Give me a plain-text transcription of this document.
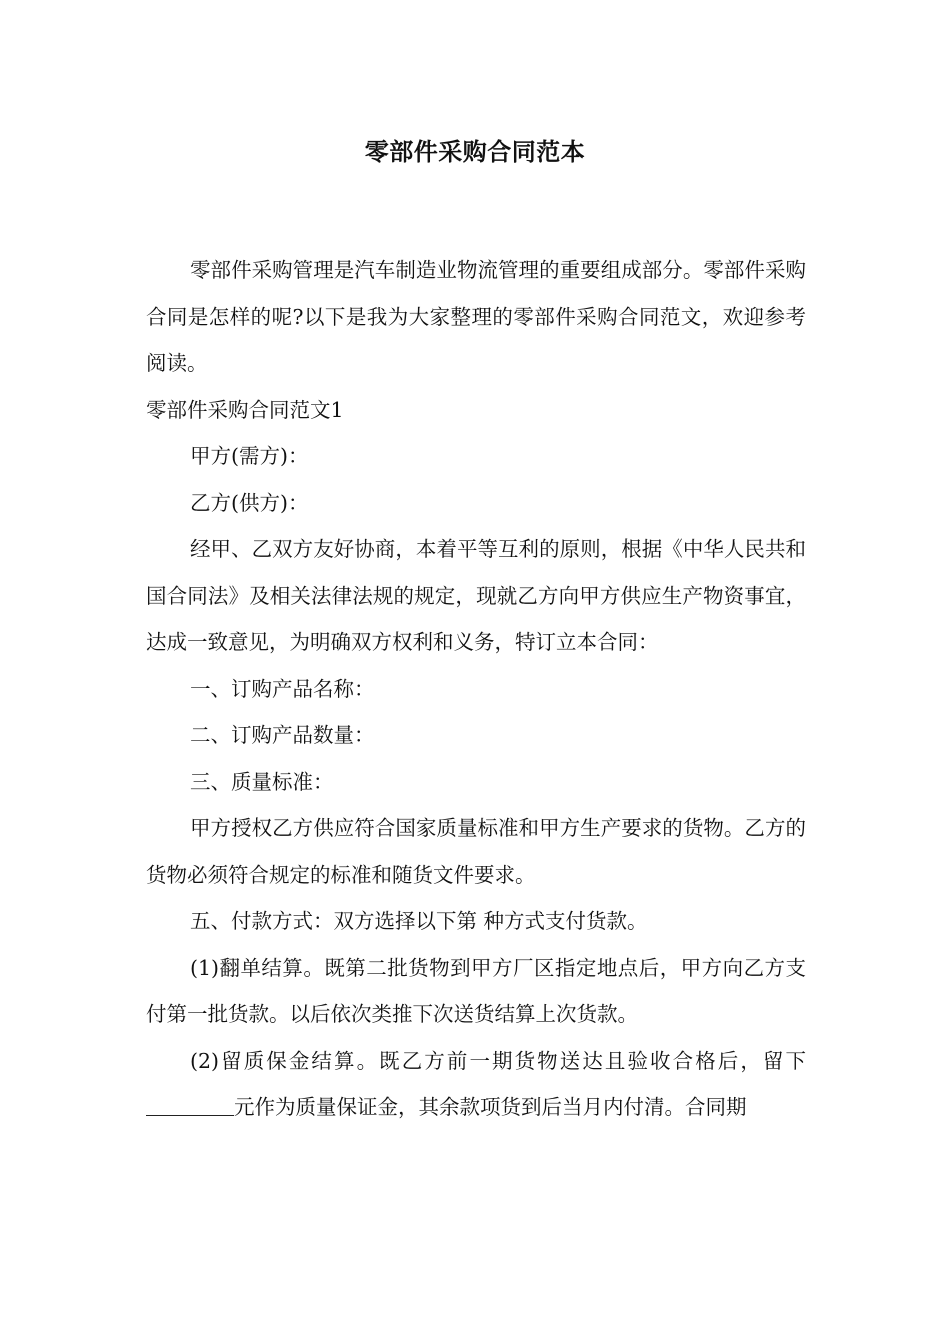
零部件采购合同范本

零部件采购管理是汽车制造业物流管理的重要组成部分。零部件采购合同是怎样的呢?以下是我为大家整理的零部件采购合同范文，欢迎参考阅读。

零部件采购合同范文1

甲方(需方)：

乙方(供方)：

经甲、乙双方友好协商，本着平等互利的原则，根据《中华人民共和国合同法》及相关法律法规的规定，现就乙方向甲方供应生产物资事宜，达成一致意见，为明确双方权利和义务，特订立本合同：

一、订购产品名称：

二、订购产品数量：

三、质量标准：

甲方授权乙方供应符合国家质量标准和甲方生产要求的货物。乙方的货物必须符合规定的标准和随货文件要求。

五、付款方式：双方选择以下第 种方式支付货款。

(1)翻单结算。既第二批货物到甲方厂区指定地点后，甲方向乙方支付第一批货款。以后依次类推下次送货结算上次货款。

(2)留质保金结算。既乙方前一期货物送达且验收合格后，留下元作为质量保证金，其余款项货到后当月内付清。合同期
